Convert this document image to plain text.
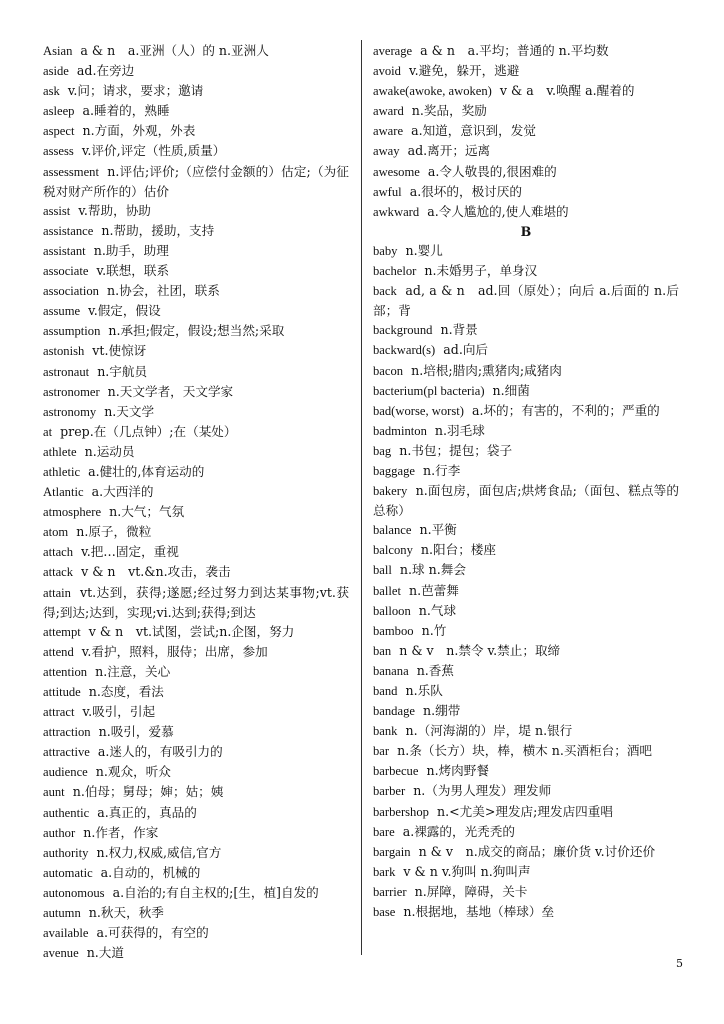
Asian a & n　a.亚洲（人）的 n.亚洲人

aside ad.在旁边

ask v.问；请求，要求；邀请

asleep a.睡着的，熟睡

aspect n.方面，外观，外表

assess v.评价,评定（性质,质量）

assessment n.评估;评价;（应偿付金额的）估定;（为征税对财产所作的）估价

assist v.帮助，协助

assistance n.帮助，援助，支持

assistant n.助手，助理

associate v.联想，联系

association n.协会，社团，联系

assume v.假定，假设

assumption n.承担;假定，假设;想当然;采取

astonish vt.使惊讶

astronaut n.宇航员

astronomer n.天文学者，天文学家

astronomy n.天文学

at prep.在（几点钟）;在（某处）

athlete n.运动员

athletic a.健壮的,体育运动的

Atlantic a.大西洋的

atmosphere n.大气；气氛

atom n.原子，微粒

attach v.把…固定，重视

attack v & n　vt.&n.攻击，袭击

attain vt.达到，获得;遂愿;经过努力到达某事物;vt.获得;到达;达到，实现;vi.达到;获得;到达

attempt v & n　vt.试图，尝试;n.企图，努力

attend v.看护，照料，服侍；出席，参加

attention n.注意，关心

attitude n.态度，看法

attract v.吸引，引起

attraction n.吸引，爱慕

attractive a.迷人的，有吸引力的

audience n.观众，听众

aunt n.伯母；舅母；婶；姑；姨

authentic a.真正的，真品的

author n.作者，作家

authority n.权力,权威,威信,官方

automatic a.自动的，机械的

autonomous a.自治的;有自主权的;[生，植]自发的

autumn n.秋天，秋季

available a.可获得的，有空的

avenue n.大道

average a & n　a.平均；普通的 n.平均数

avoid v.避免，躲开，逃避

awake(awoke, awoken) v & a　v.唤醒 a.醒着的

award n.奖品，奖励

aware a.知道，意识到，发觉

away ad.离开；远离

awesome a.令人敬畏的,很困难的

awful a.很坏的，极讨厌的

awkward a.令人尴尬的,使人难堪的

B

baby n.婴儿

bachelor n.未婚男子，单身汉

back ad, a & n　ad.回（原处）；向后 a.后面的 n.后部；背

background n.背景

backward(s) ad.向后

bacon n.培根;腊肉;熏猪肉;咸猪肉

bacterium(pl bacteria) n.细菌

bad(worse, worst) a.坏的；有害的，不利的；严重的

badminton n.羽毛球

bag n.书包；提包；袋子

baggage n.行李

bakery n.面包房，面包店;烘烤食品;（面包、糕点等的总称）

balance n.平衡

balcony n.阳台；楼座

ball n.球 n.舞会

ballet n.芭蕾舞

balloon n.气球

bamboo n.竹

ban n & v　n.禁令 v.禁止；取缔

banana n.香蕉

band n.乐队

bandage n.绷带

bank n.（河海湖的）岸，堤 n.银行

bar n.条（长方）块，棒，横木 n.买酒柜台；酒吧

barbecue n.烤肉野餐

barber n.（为男人理发）理发师

barbershop n.<尤美>理发店;理发店四重唱

bare a.裸露的，光秃秃的

bargain n & v　n.成交的商品；廉价货 v.讨价还价

bark v & n v.狗叫 n.狗叫声

barrier n.屏障，障碍，关卡

base n.根据地，基地（棒球）垒

5
